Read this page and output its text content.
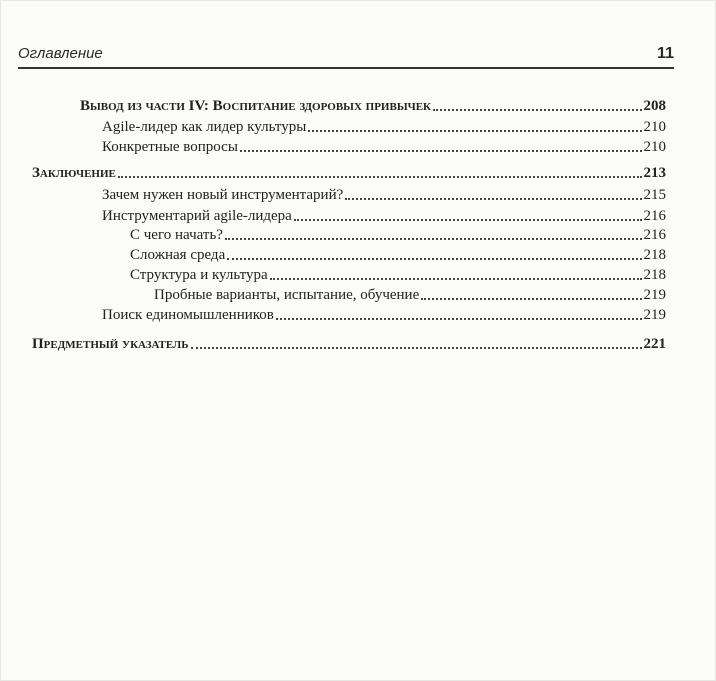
Оглавление	11
Вывод из части IV: Воспитание здоровых привычек	208
Agile-лидер как лидер культуры	210
Конкретные вопросы	210
Заключение	213
Зачем нужен новый инструментарий?	215
Инструментарий agile-лидера	216
С чего начать?	216
Сложная среда	218
Структура и культура	218
Пробные варианты, испытание, обучение	219
Поиск единомышленников	219
Предметный указатель	221
